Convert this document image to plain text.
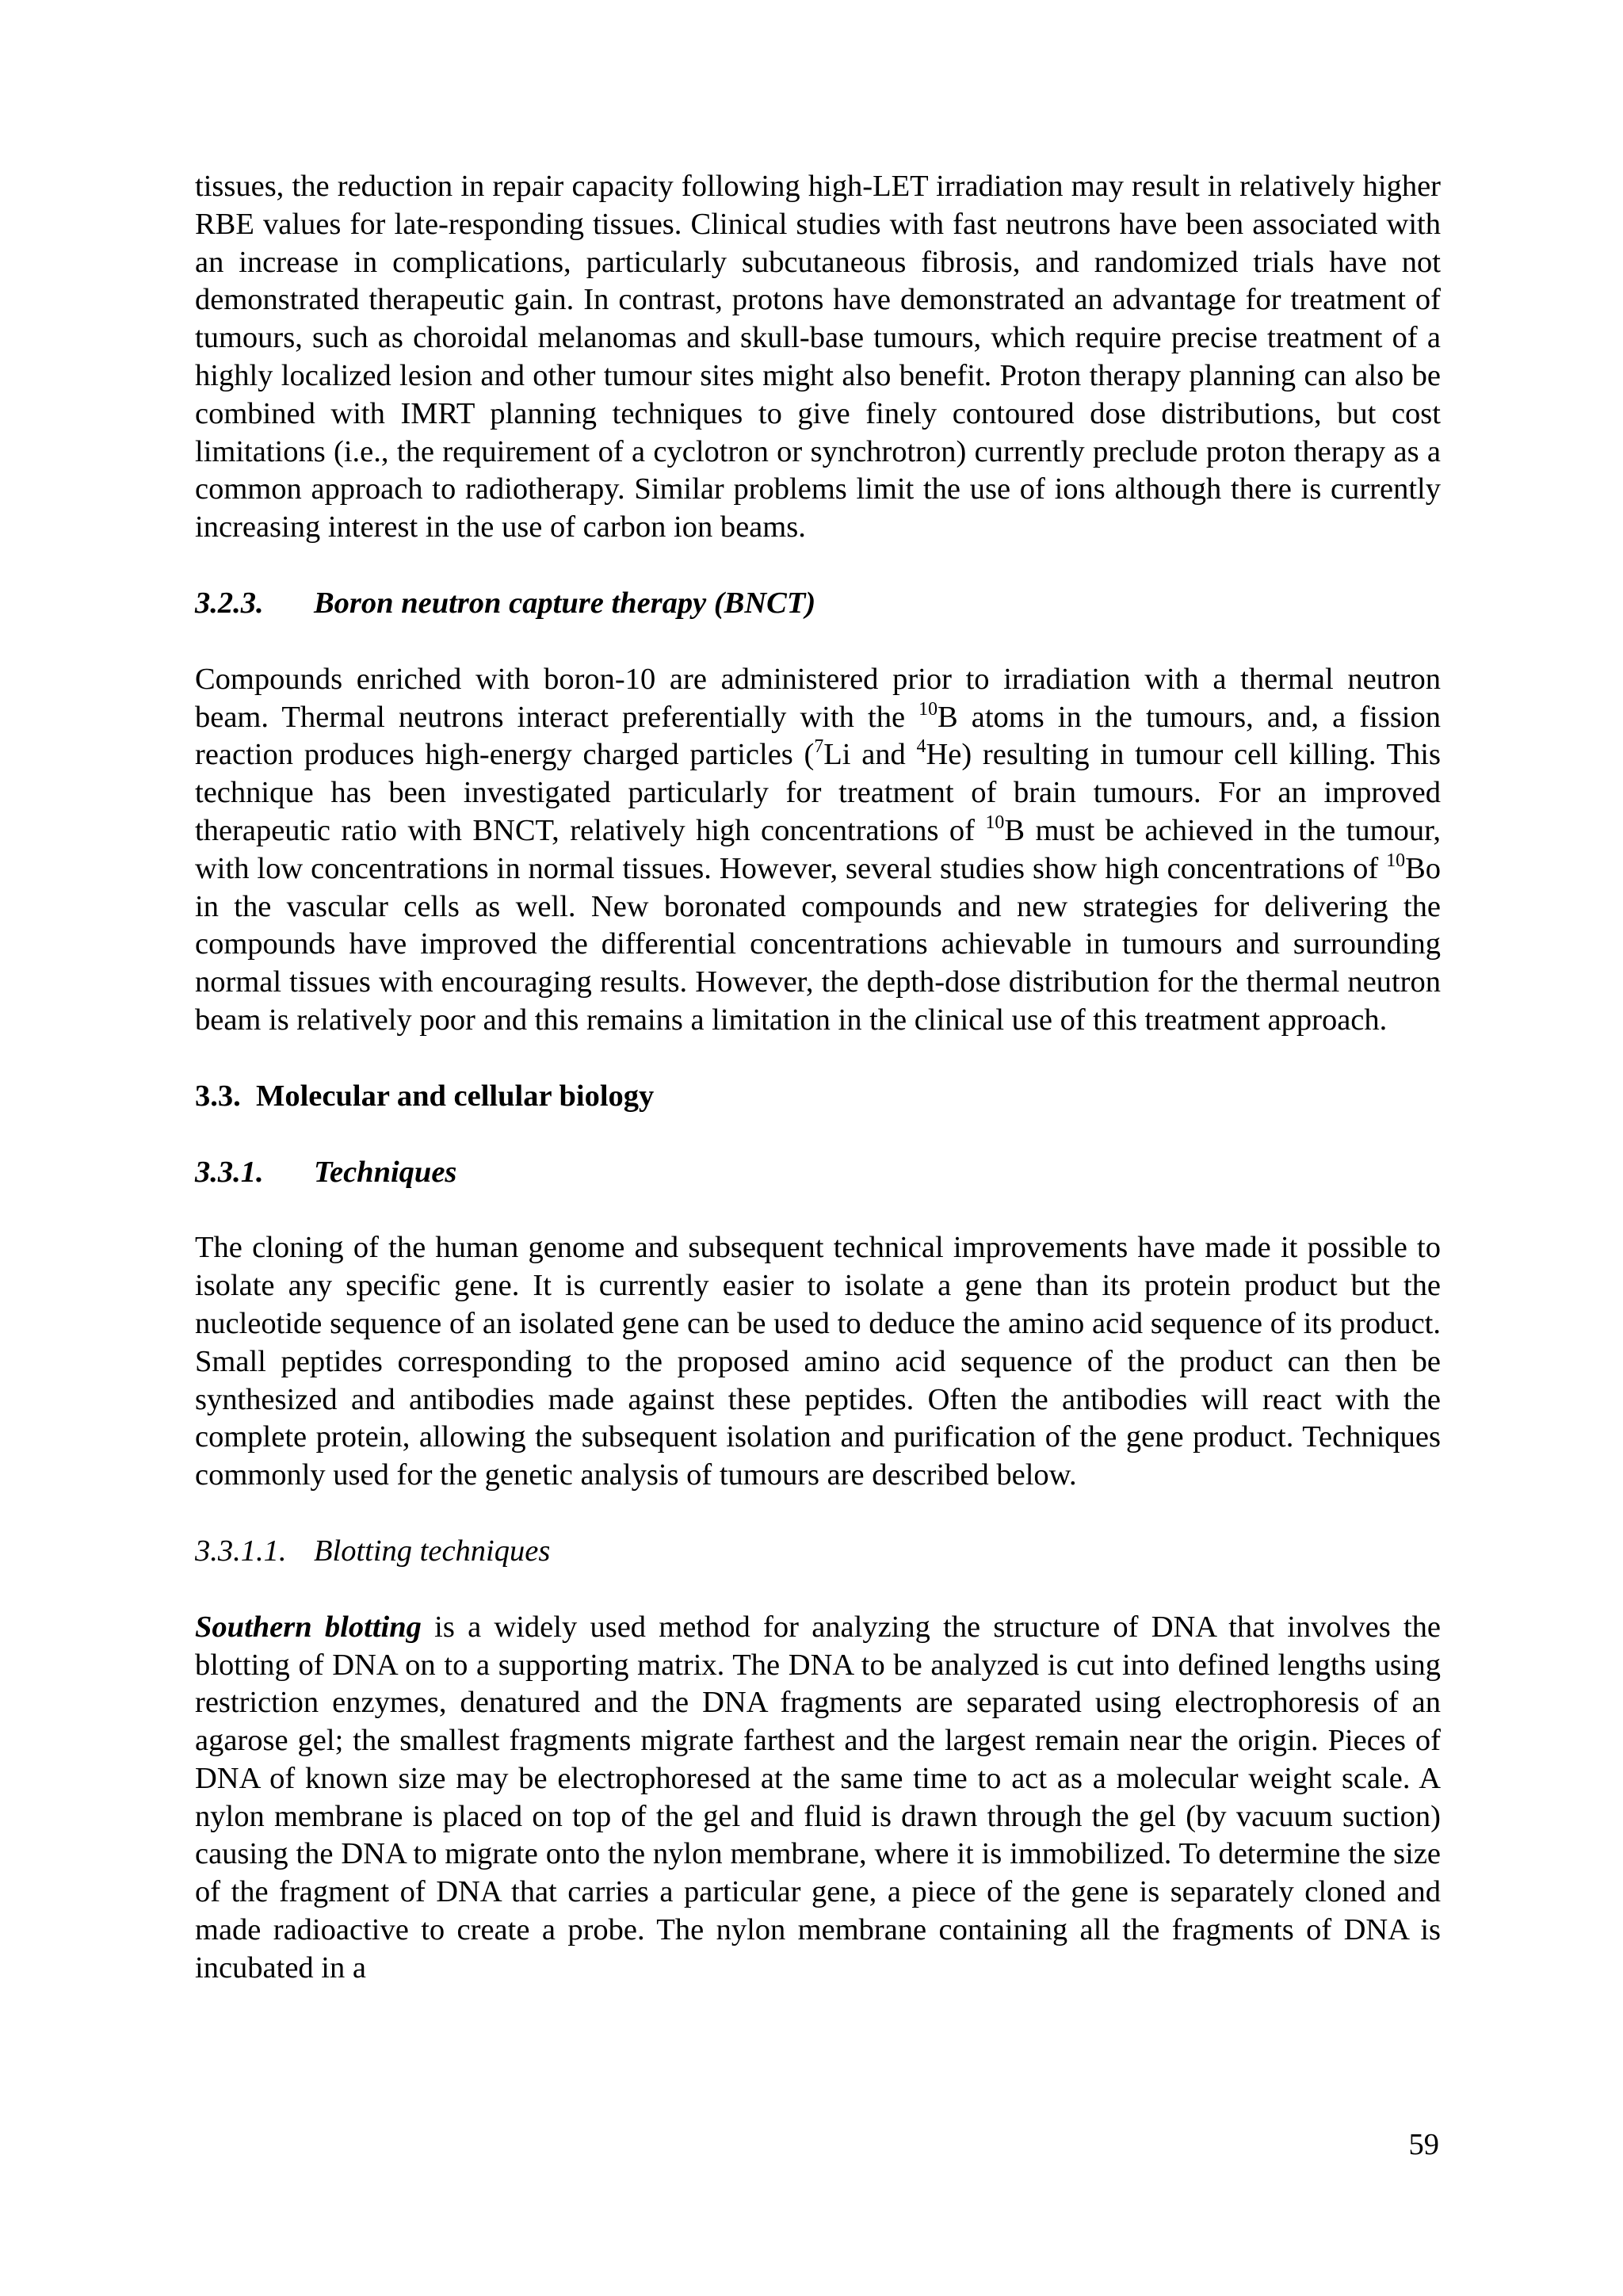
tissues, the reduction in repair capacity following high-LET irradiation may result in relatively higher RBE values for late-responding tissues. Clinical studies with fast neutrons have been associated with an increase in complications, particularly subcutaneous fibrosis, and randomized trials have not demonstrated therapeutic gain. In contrast, protons have demonstrated an advantage for treatment of tumours, such as choroidal melanomas and skull-base tumours, which require precise treatment of a highly localized lesion and other tumour sites might also benefit. Proton therapy planning can also be combined with IMRT planning techniques to give finely contoured dose distributions, but cost limitations (i.e., the requirement of a cyclotron or synchrotron) currently preclude proton therapy as a common approach to radiotherapy. Similar problems limit the use of ions although there is currently increasing interest in the use of carbon ion beams.

3.2.3. Boron neutron capture therapy (BNCT)

Compounds enriched with boron-10 are administered prior to irradiation with a thermal neutron beam. Thermal neutrons interact preferentially with the $^{10}$B atoms in the tumours, and, a fission reaction produces high-energy charged particles ($^7$Li and $^4$He) resulting in tumour cell killing. This technique has been investigated particularly for treatment of brain tumours. For an improved therapeutic ratio with BNCT, relatively high concentrations of $^{10}$B must be achieved in the tumour, with low concentrations in normal tissues. However, several studies show high concentrations of $^{10}$Bo in the vascular cells as well. New boronated compounds and new strategies for delivering the compounds have improved the differential concentrations achievable in tumours and surrounding normal tissues with encouraging results. However, the depth-dose distribution for the thermal neutron beam is relatively poor and this remains a limitation in the clinical use of this treatment approach.

3.3. Molecular and cellular biology
3.3.1. Techniques

The cloning of the human genome and subsequent technical improvements have made it possible to isolate any specific gene. It is currently easier to isolate a gene than its protein product but the nucleotide sequence of an isolated gene can be used to deduce the amino acid sequence of its product. Small peptides corresponding to the proposed amino acid sequence of the product can then be synthesized and antibodies made against these peptides. Often the antibodies will react with the complete protein, allowing the subsequent isolation and purification of the gene product. Techniques commonly used for the genetic analysis of tumours are described below.

3.3.1.1. Blotting techniques

Southern blotting is a widely used method for analyzing the structure of DNA that involves the blotting of DNA on to a supporting matrix. The DNA to be analyzed is cut into defined lengths using restriction enzymes, denatured and the DNA fragments are separated using electrophoresis of an agarose gel; the smallest fragments migrate farthest and the largest remain near the origin. Pieces of DNA of known size may be electrophoresed at the same time to act as a molecular weight scale. A nylon membrane is placed on top of the gel and fluid is drawn through the gel (by vacuum suction) causing the DNA to migrate onto the nylon membrane, where it is immobilized. To determine the size of the fragment of DNA that carries a particular gene, a piece of the gene is separately cloned and made radioactive to create a probe. The nylon membrane containing all the fragments of DNA is incubated in a

59
